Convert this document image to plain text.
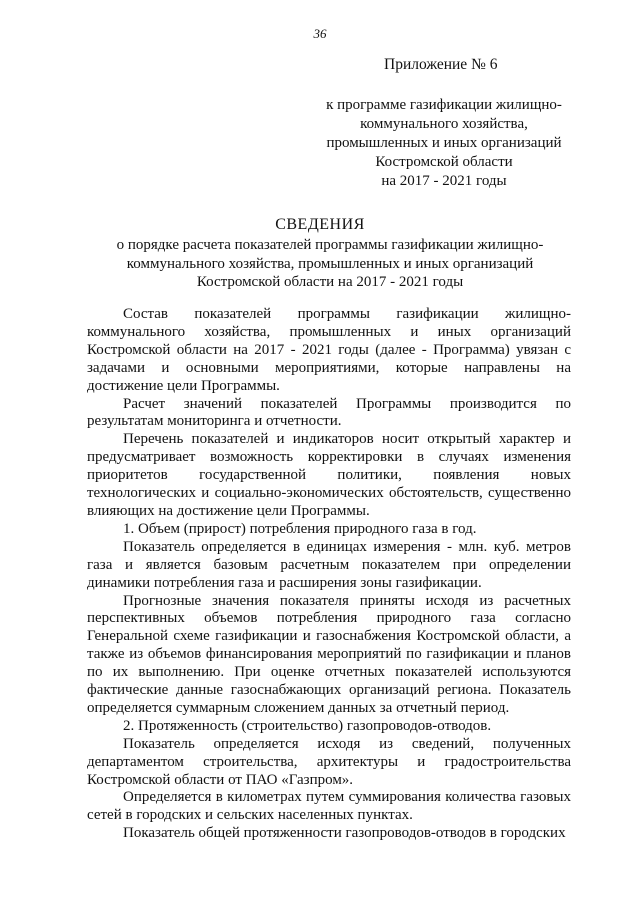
36
Приложение № 6
к программе газификации жилищно-
коммунального хозяйства,
промышленных и иных организаций
Костромской области
на 2017 - 2021 годы
СВЕДЕНИЯ
о порядке расчета показателей программы газификации жилищно-коммунального хозяйства, промышленных и иных организаций Костромской области на 2017 - 2021 годы

Состав показателей программы газификации жилищно-коммунального хозяйства, промышленных и иных организаций Костромской области на 2017 - 2021 годы (далее - Программа) увязан с задачами и основными мероприятиями, которые направлены на достижение цели Программы.

Расчет значений показателей Программы производится по результатам мониторинга и отчетности.

Перечень показателей и индикаторов носит открытый характер и предусматривает возможность корректировки в случаях изменения приоритетов государственной политики, появления новых технологических и социально-экономических обстоятельств, существенно влияющих на достижение цели Программы.

1. Объем (прирост) потребления природного газа в год.

Показатель определяется в единицах измерения - млн. куб. метров газа и является базовым расчетным показателем при определении динамики потребления газа и расширения зоны газификации.

Прогнозные значения показателя приняты исходя из расчетных перспективных объемов потребления природного газа согласно Генеральной схеме газификации и газоснабжения Костромской области, а также из объемов финансирования мероприятий по газификации и планов по их выполнению. При оценке отчетных показателей используются фактические данные газоснабжающих организаций региона. Показатель определяется суммарным сложением данных за отчетный период.

2. Протяженность (строительство) газопроводов-отводов.

Показатель определяется исходя из сведений, полученных департаментом строительства, архитектуры и градостроительства Костромской области от ПАО «Газпром».

Определяется в километрах путем суммирования количества газовых сетей в городских и сельских населенных пунктах.

Показатель общей протяженности газопроводов-отводов в городских
